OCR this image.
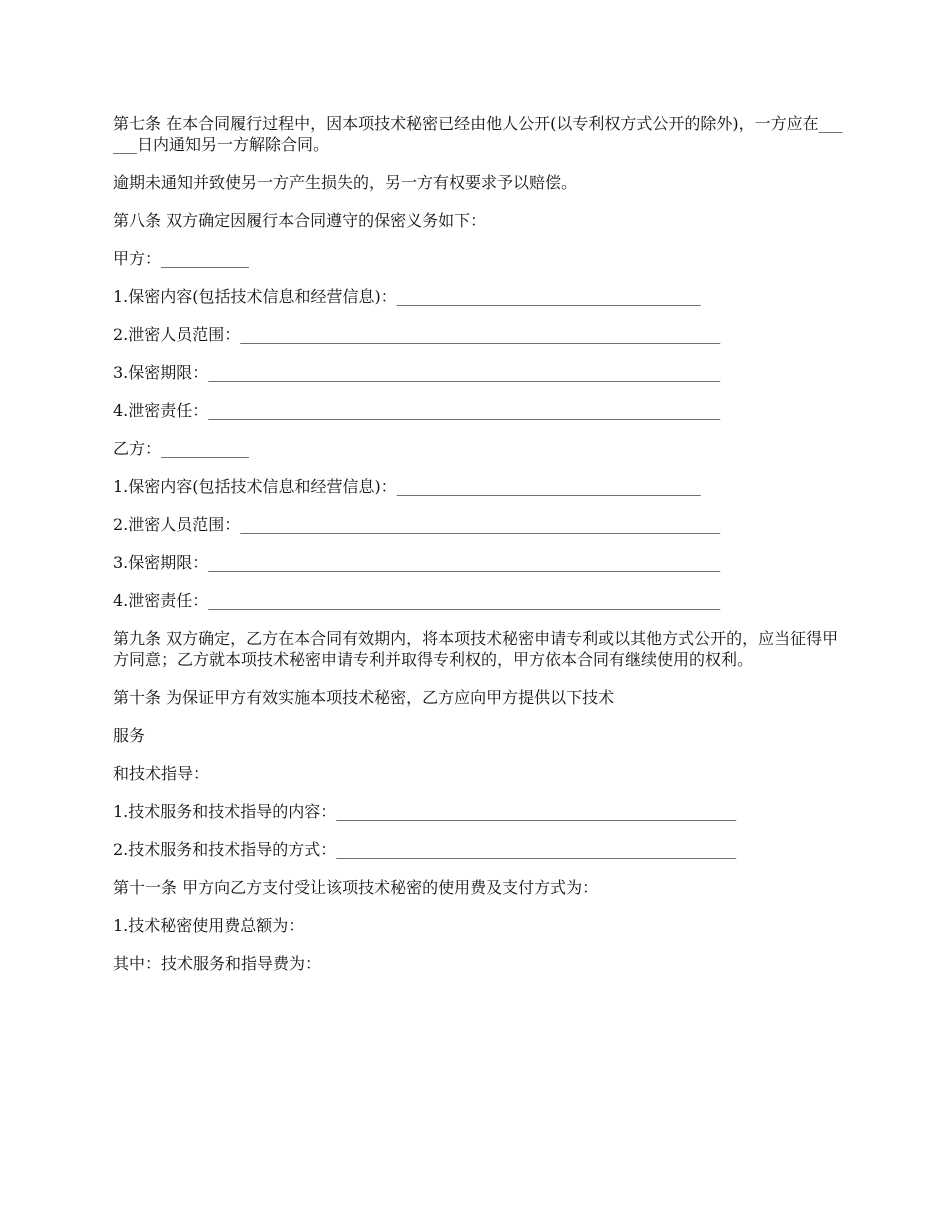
第七条 在本合同履行过程中，因本项技术秘密已经由他人公开(以专利权方式公开的除外)，一方应在______日内通知另一方解除合同。

逾期未通知并致使另一方产生损失的，另一方有权要求予以赔偿。

第八条 双方确定因履行本合同遵守的保密义务如下：

甲方：___________

1.保密内容(包括技术信息和经营信息)：______________________________________

2.泄密人员范围：____________________________________________________________

3.保密期限：________________________________________________________________

4.泄密责任：________________________________________________________________

乙方：___________

1.保密内容(包括技术信息和经营信息)：______________________________________

2.泄密人员范围：____________________________________________________________

3.保密期限：________________________________________________________________

4.泄密责任：________________________________________________________________

第九条 双方确定，乙方在本合同有效期内，将本项技术秘密申请专利或以其他方式公开的，应当征得甲方同意；乙方就本项技术秘密申请专利并取得专利权的，甲方依本合同有继续使用的权利。

第十条 为保证甲方有效实施本项技术秘密，乙方应向甲方提供以下技术

服务

和技术指导：

1.技术服务和技术指导的内容：__________________________________________________

2.技术服务和技术指导的方式：__________________________________________________

第十一条 甲方向乙方支付受让该项技术秘密的使用费及支付方式为：

1.技术秘密使用费总额为：

其中：技术服务和指导费为：
